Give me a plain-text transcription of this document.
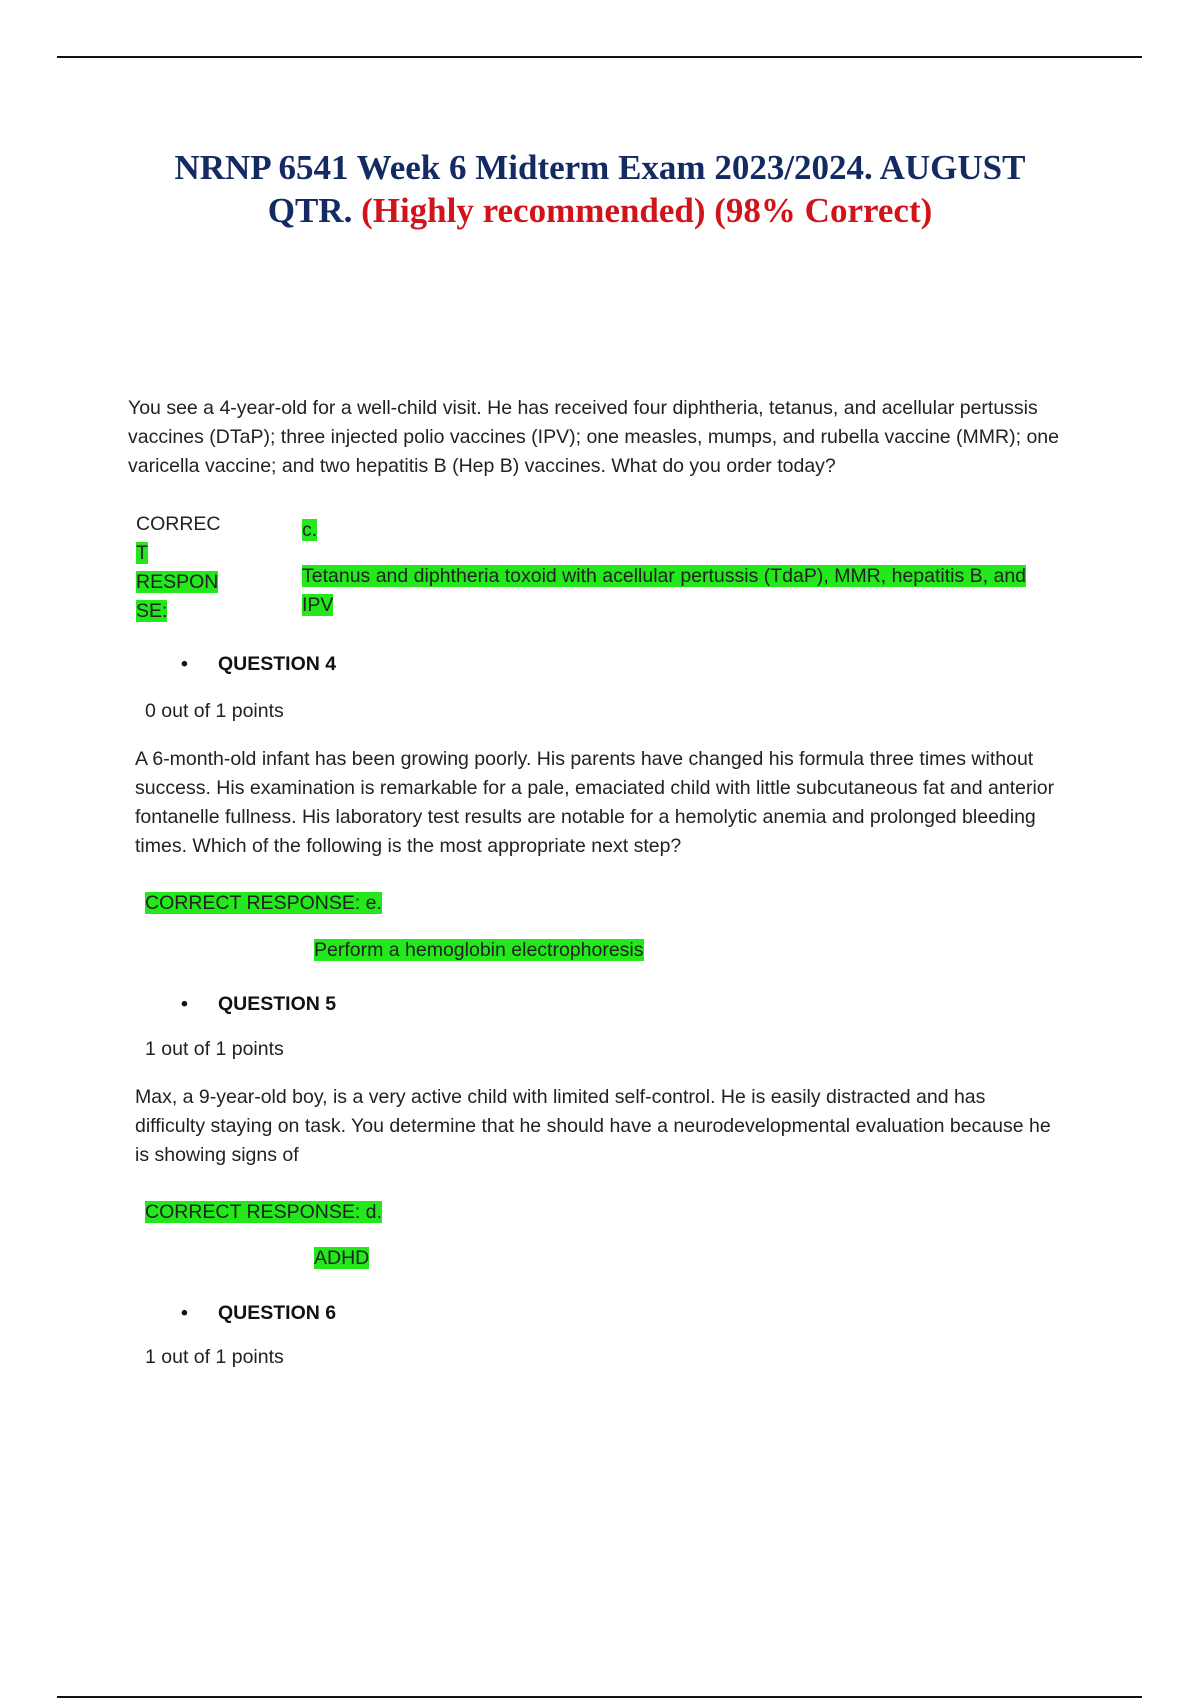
NRNP 6541 Week 6 Midterm Exam 2023/2024. AUGUST
QTR. (Highly recommended) (98% Correct)
You see a 4-year-old for a well-child visit. He has received four diphtheria, tetanus, and acellular pertussis vaccines (DTaP); three injected polio vaccines (IPV); one measles, mumps, and rubella vaccine (MMR); one varicella vaccine; and two hepatitis B (Hep B) vaccines. What do you order today?
CORREC
T
RESPON
SE:
c.
Tetanus and diphtheria toxoid with acellular pertussis (TdaP), MMR, hepatitis B, and IPV
• QUESTION 4
0 out of 1 points
A 6-month-old infant has been growing poorly. His parents have changed his formula three times without success. His examination is remarkable for a pale, emaciated child with little subcutaneous fat and anterior fontanelle fullness. His laboratory test results are notable for a hemolytic anemia and prolonged bleeding times. Which of the following is the most appropriate next step?
CORRECT RESPONSE: e.
Perform a hemoglobin electrophoresis
• QUESTION 5
1 out of 1 points
Max, a 9-year-old boy, is a very active child with limited self-control. He is easily distracted and has difficulty staying on task. You determine that he should have a neurodevelopmental evaluation because he is showing signs of
CORRECT RESPONSE: d.
ADHD
• QUESTION 6
1 out of 1 points
